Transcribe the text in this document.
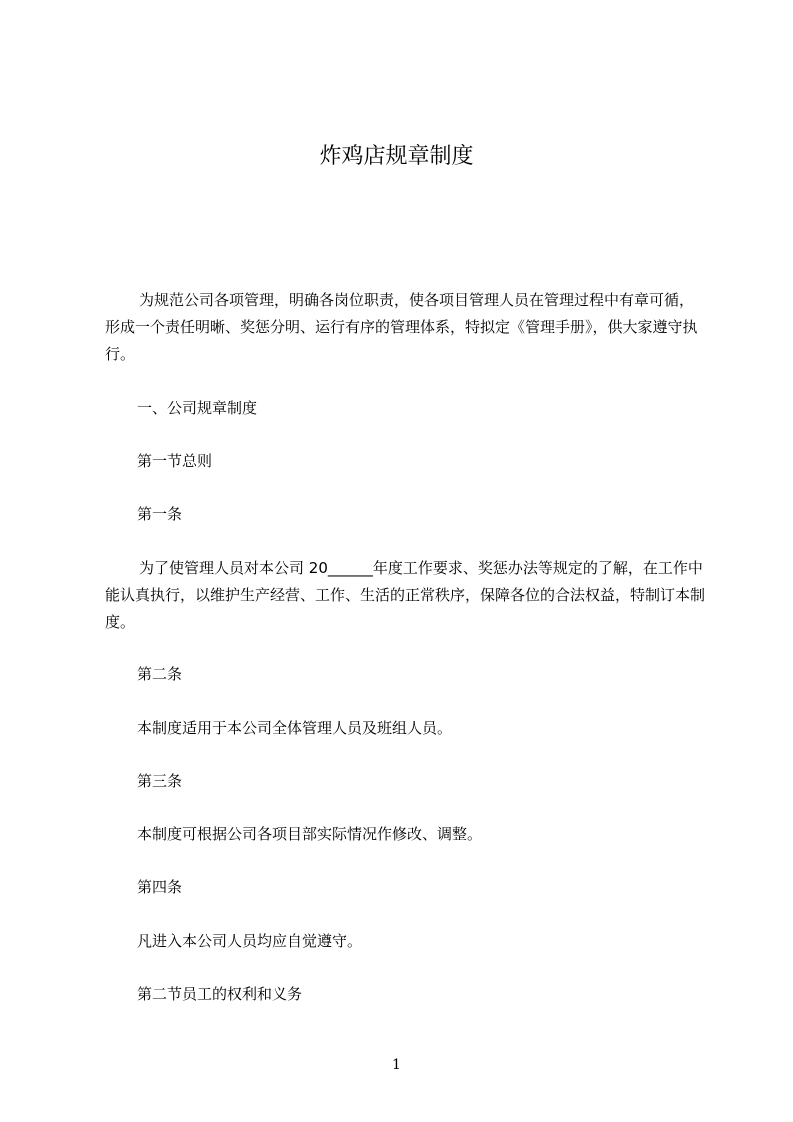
炸鸡店规章制度

为规范公司各项管理，明确各岗位职责，使各项目管理人员在管理过程中有章可循，形成一个责任明晰、奖惩分明、运行有序的管理体系，特拟定《管理手册》，供大家遵守执行。

一、公司规章制度

第一节总则

第一条

为了使管理人员对本公司 20______年度工作要求、奖惩办法等规定的了解，在工作中能认真执行，以维护生产经营、工作、生活的正常秩序，保障各位的合法权益，特制订本制度。

第二条

本制度适用于本公司全体管理人员及班组人员。

第三条

本制度可根据公司各项目部实际情况作修改、调整。

第四条

凡进入本公司人员均应自觉遵守。

第二节员工的权利和义务

1
